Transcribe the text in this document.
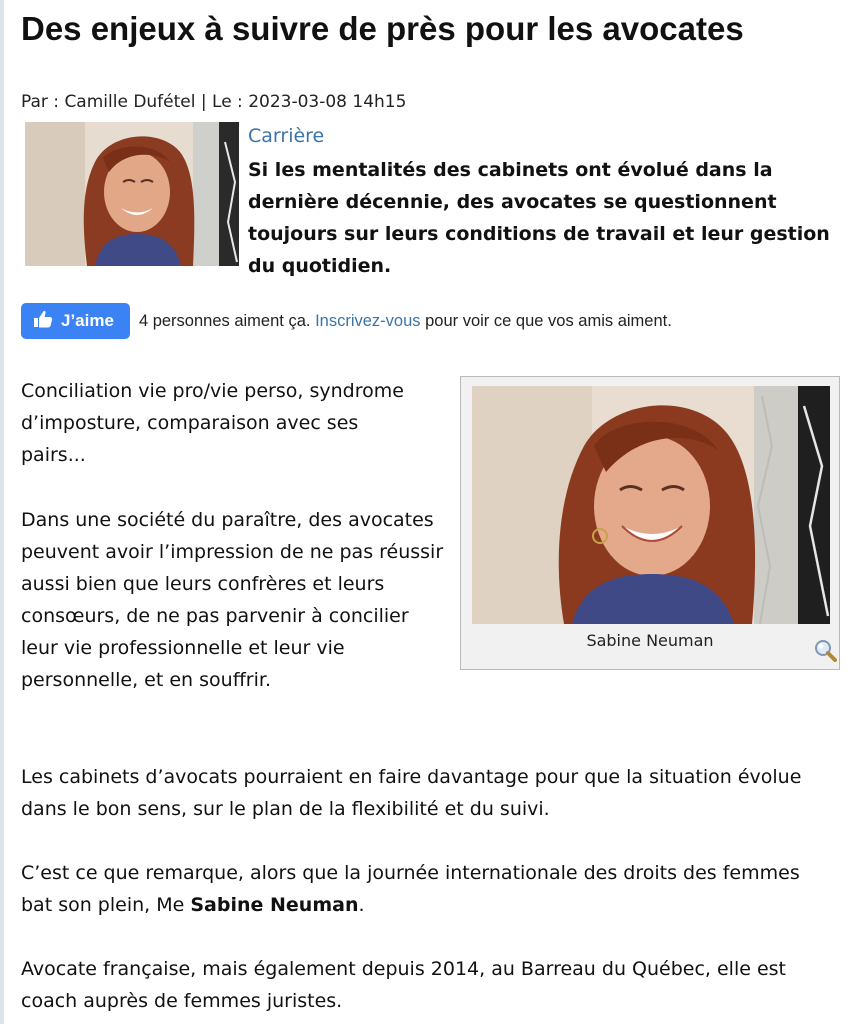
Des enjeux à suivre de près pour les avocates
Par : Camille Dufétel | Le : 2023-03-08 14h15
Carrière

Si les mentalités des cabinets ont évolué dans la dernière décennie, des avocates se questionnent toujours sur leurs conditions de travail et leur gestion du quotidien.

J’aime 4 personnes aiment ça. Inscrivez-vous pour voir ce que vos amis aiment.

Conciliation vie pro/vie perso, syndrome d’imposture, comparaison avec ses pairs...

Dans une société du paraître, des avocates peuvent avoir l’impression de ne pas réussir aussi bien que leurs confrères et leurs consœurs, de ne pas parvenir à concilier leur vie professionnelle et leur vie personnelle, et en souffrir.

Sabine Neuman

Les cabinets d’avocats pourraient en faire davantage pour que la situation évolue dans le bon sens, sur le plan de la flexibilité et du suivi.

C’est ce que remarque, alors que la journée internationale des droits des femmes bat son plein, Me Sabine Neuman.

Avocate française, mais également depuis 2014, au Barreau du Québec, elle est coach auprès de femmes juristes.
